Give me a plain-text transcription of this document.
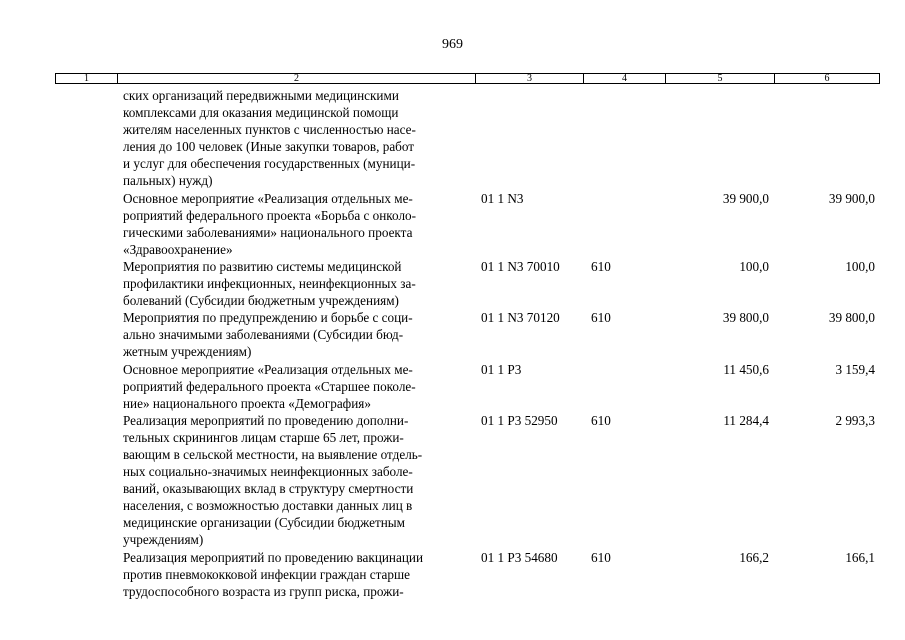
969
1	2	3	4	5	6
ских организаций передвижными медицинскими
комплексами для оказания медицинской помощи
жителям населенных пунктов с численностью насе-
ления до 100 человек (Иные закупки товаров, работ
и услуг для обеспечения государственных (муници-
пальных) нужд)
Основное мероприятие «Реализация отдельных ме-
роприятий федерального проекта «Борьба с онколо-
гическими заболеваниями» национального проекта
«Здравоохранение»
01 1 N3	39 900,0	39 900,0
Мероприятия по развитию системы медицинской
профилактики инфекционных, неинфекционных за-
болеваний (Субсидии бюджетным учреждениям)
01 1 N3 70010	610	100,0	100,0
Мероприятия по предупреждению и борьбе с соци-
ально значимыми заболеваниями (Субсидии бюд-
жетным учреждениям)
01 1 N3 70120	610	39 800,0	39 800,0
Основное мероприятие «Реализация отдельных ме-
роприятий федерального проекта «Старшее поколе-
ние» национального проекта «Демография»
01 1 P3	11 450,6	3 159,4
Реализация мероприятий по проведению дополни-
тельных скринингов лицам старше 65 лет, прожи-
вающим в сельской местности, на выявление отдель-
ных социально-значимых неинфекционных заболе-
ваний, оказывающих вклад в структуру смертности
населения, с возможностью доставки данных лиц в
медицинские организации (Субсидии бюджетным
учреждениям)
01 1 P3 52950	610	11 284,4	2 993,3
Реализация мероприятий по проведению вакцинации
против пневмококковой инфекции граждан старше
трудоспособного возраста из групп риска, прожи-
01 1 P3 54680	610	166,2	166,1
